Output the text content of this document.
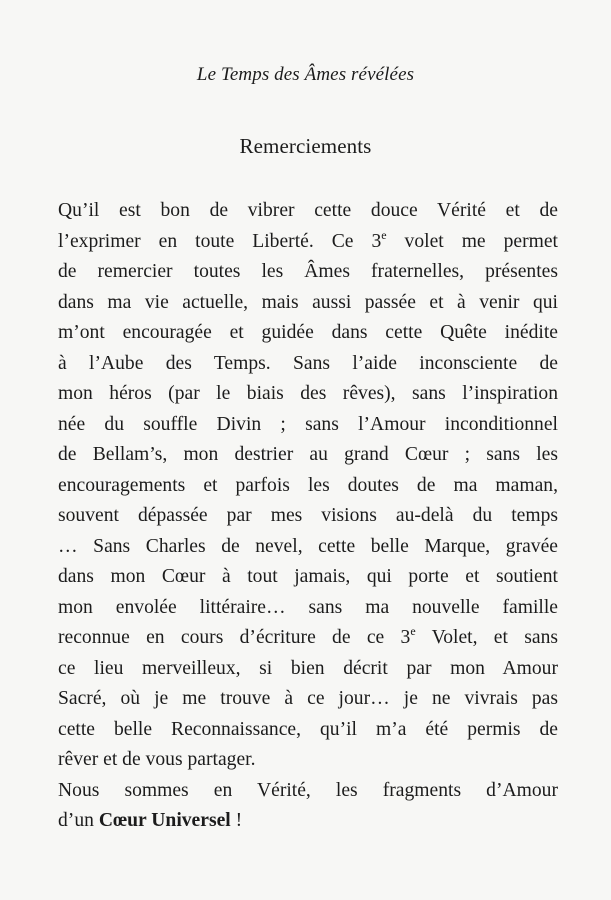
Le Temps des Âmes révélées
Remerciements
Qu’il est bon de vibrer cette douce Vérité et de
l’exprimer en toute Liberté. Ce 3e volet me permet
de remercier toutes les Âmes fraternelles, présentes
dans ma vie actuelle, mais aussi passée et à venir qui
m’ont encouragée et guidée dans cette Quête inédite
à l’Aube des Temps. Sans l’aide inconsciente de
mon héros (par le biais des rêves), sans l’inspiration
née du souffle Divin ; sans l’Amour inconditionnel
de Bellam’s, mon destrier au grand Cœur ; sans les
encouragements et parfois les doutes de ma maman,
souvent dépassée par mes visions au-delà du temps
… Sans Charles de nevel, cette belle Marque, gravée
dans mon Cœur à tout jamais, qui porte et soutient
mon envolée littéraire… sans ma nouvelle famille
reconnue en cours d’écriture de ce 3e Volet, et sans
ce lieu merveilleux, si bien décrit par mon Amour
Sacré, où je me trouve à ce jour… je ne vivrais pas
cette belle Reconnaissance, qu’il m’a été permis de
rêver et de vous partager.
Nous sommes en Vérité, les fragments d’Amour
d’un Cœur Universel !
